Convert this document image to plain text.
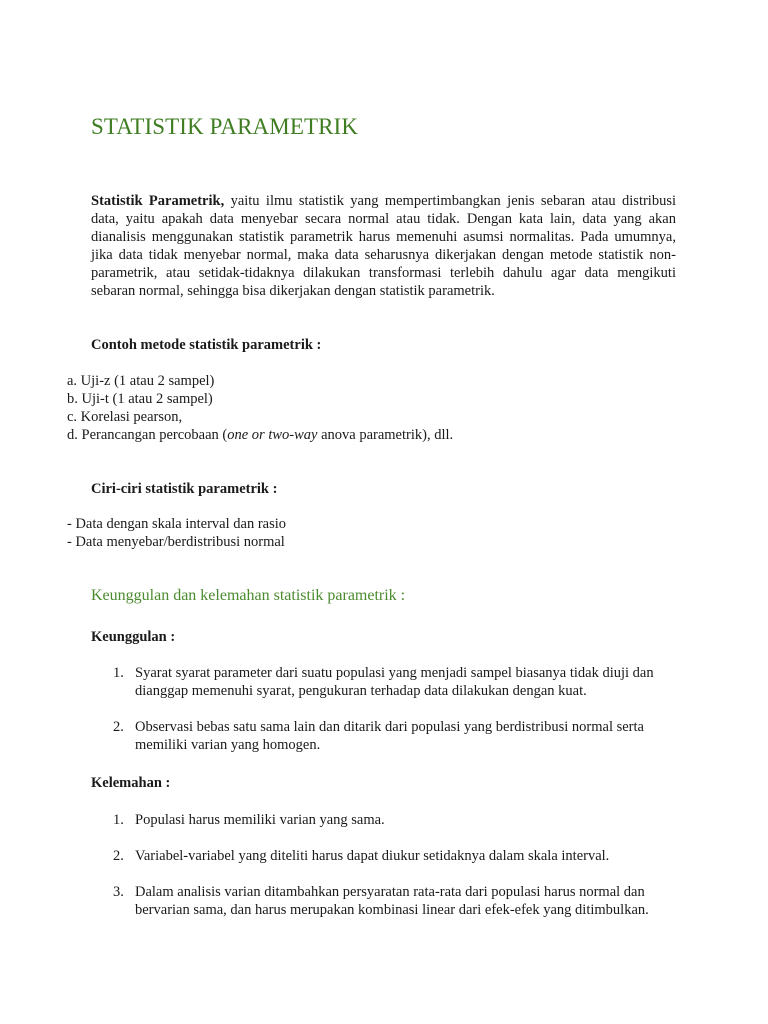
STATISTIK PARAMETRIK

Statistik Parametrik, yaitu ilmu statistik yang mempertimbangkan jenis sebaran atau distribusi data, yaitu apakah data menyebar secara normal atau tidak. Dengan kata lain, data yang akan dianalisis menggunakan statistik parametrik harus memenuhi asumsi normalitas. Pada umumnya, jika data tidak menyebar normal, maka data seharusnya dikerjakan dengan metode statistik non-parametrik, atau setidak-tidaknya dilakukan transformasi terlebih dahulu agar data mengikuti sebaran normal, sehingga bisa dikerjakan dengan statistik parametrik.

Contoh metode statistik parametrik :

a. Uji-z (1 atau 2 sampel)
b. Uji-t (1 atau 2 sampel)
c. Korelasi pearson,
d. Perancangan percobaan (one or two-way anova parametrik), dll.

Ciri-ciri statistik parametrik :

- Data dengan skala interval dan rasio
- Data menyebar/berdistribusi normal
Keunggulan dan kelemahan statistik parametrik :

Keunggulan :

1. Syarat syarat parameter dari suatu populasi yang menjadi sampel biasanya tidak diuji dan dianggap memenuhi syarat, pengukuran terhadap data dilakukan dengan kuat.
2. Observasi bebas satu sama lain dan ditarik dari populasi yang berdistribusi normal serta memiliki varian yang homogen.

Kelemahan :

1. Populasi harus memiliki varian yang sama.
2. Variabel-variabel yang diteliti harus dapat diukur setidaknya dalam skala interval.
3. Dalam analisis varian ditambahkan persyaratan rata-rata dari populasi harus normal dan bervarian sama, dan harus merupakan kombinasi linear dari efek-efek yang ditimbulkan.
